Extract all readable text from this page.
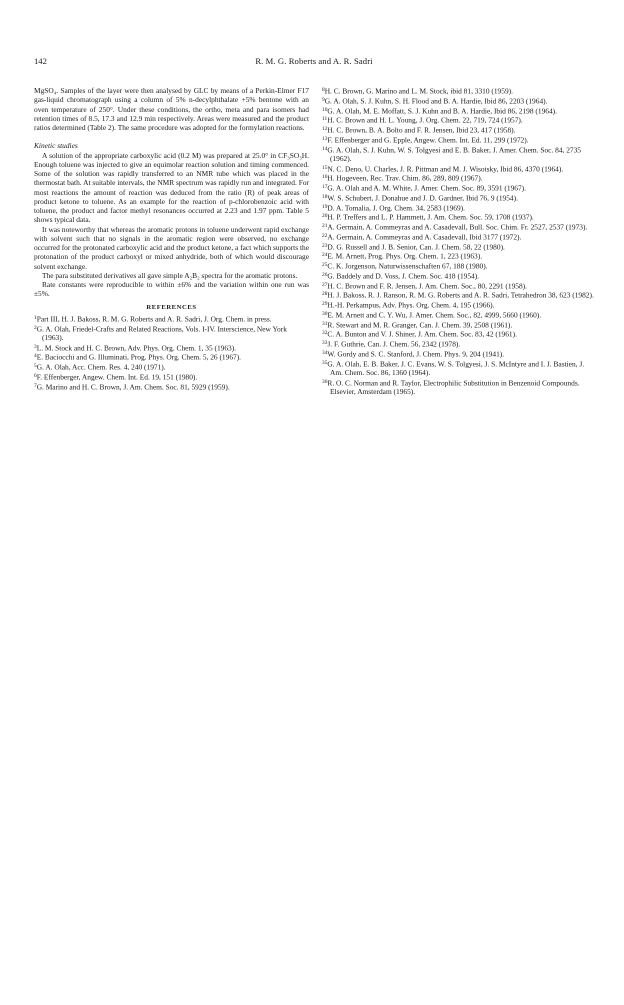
R. M. G. Roberts and A. R. Sadri
142

MgSO₄. Samples of the layer were then analysed by GLC by means of a Perkin-Elmer F17 gas-liquid chromatograph using a column of 5% n-decylphthalate +5% bentone with an oven temperature of 250°. Under these conditions, the ortho, meta and para isomers had retention times of 8.5, 17.3 and 12.9 min respectively. Areas were measured and the product ratios determined (Table 2). The same procedure was adopted for the formylation reactions.

Kinetic studies

A solution of the appropriate carboxylic acid (0.2 M) was prepared at 25.0° in CF₃SO₃H. Enough toluene was injected to give an equimolar reaction solution and timing commenced. Some of the solution was rapidly transferred to an NMR tube which was placed in the thermostat bath. At suitable intervals, the NMR spectrum was rapidly run and integrated. For most reactions the amount of reaction was deduced from the ratio (R) of peak areas of product ketone to toluene. As an example for the reaction of p-chlorobenzoic acid with toluene, the product and factor methyl resonances occurred at 2.23 and 1.97 ppm. Table 5 shows typical data.

It was noteworthy that whereas the aromatic protons in toluene underwent rapid exchange with solvent such that no signals in the aromatic region were observed, no exchange occurred for the protonated carboxylic acid and the product ketone, a fact which supports the protonation of the product carboxyl or mixed anhydride, both of which would discourage solvent exchange.

The para substituted derivatives all gave simple A₂B₂ spectra for the aromatic protons.

Rate constants were reproducible to within ±6% and the variation within one run was ±5%.

REFERENCES

$^1$Part III, H. J. Bakoss, R. M. G. Roberts and A. R. Sadri, J. Org. Chem. in press.

$^2$G. A. Olah, Friedel-Crafts and Related Reactions, Vols. I-IV. Interscience, New York (1963).

$^3$L. M. Stock and H. C. Brown, Adv. Phys. Org. Chem. 1, 35 (1963).

$^4$E. Baciocchi and G. Illuminati, Prog. Phys. Org. Chem. 5, 26 (1967).

$^5$G. A. Olah, Acc. Chem. Res. 4, 240 (1971).

$^6$F. Effenberger, Angew. Chem. Int. Ed. 19, 151 (1980).

$^7$G. Marino and H. C. Brown, J. Am. Chem. Soc. 81, 5929 (1959).

$^8$H. C. Brown, G. Marino and L. M. Stock, ibid 81, 3310 (1959).

$^9$G. A. Olah, S. J. Kuhn, S. H. Flood and B. A. Hardie, Ibid 86, 2203 (1964).

$^{10}$G. A. Olah, M. E. Moffatt, S. J. Kuhn and B. A. Hardie, Ibid 86, 2198 (1964).

$^{11}$H. C. Brown and H. L. Young, J. Org. Chem. 22, 719, 724 (1957).

$^{12}$H. C. Brown, B. A. Bolto and F. R. Jensen, Ibid 23, 417 (1958).

$^{13}$F. Effenberger and G. Epple, Angew. Chem. Int. Ed. 11, 299 (1972).

$^{14}$G. A. Olah, S. J. Kuhn, W. S. Tolgyesi and E. B. Baker, J. Amer. Chem. Soc. 84, 2735 (1962).

$^{15}$N. C. Deno, U. Charles, J. R. Pittman and M. J. Wisotsky, Ibid 86, 4370 (1964).

$^{16}$H. Hogeveen, Rec. Trav. Chim. 86, 289, 809 (1967).

$^{17}$G. A. Olah and A. M. White, J. Amer. Chem. Soc. 89, 3591 (1967).

$^{18}$W. S. Schubert, J. Donahue and J. D. Gardner, Ibid 76, 9 (1954).

$^{19}$D. A. Tomalia, J. Org. Chem. 34, 2583 (1969).

$^{20}$H. P. Treffers and L. P. Hammett, J. Am. Chem. Soc. 59, 1708 (1937).

$^{21}$A. Germain, A. Commeyras and A. Casadevall, Bull. Soc. Chim. Fr. 2527, 2537 (1973).

$^{22}$A. Germain, A. Commeyras and A. Casadevall, Ibid 3177 (1972).

$^{23}$D. G. Russell and J. B. Senior, Can. J. Chem. 58, 22 (1980).

$^{24}$E. M. Arnett, Prog. Phys. Org. Chem. 1, 223 (1963).

$^{25}$C. K. Jorgenson, Naturwissenschaften 67, 188 (1980).

$^{26}$G. Baddely and D. Voss, J. Chem. Soc. 418 (1954).

$^{27}$H. C. Brown and F. R. Jensen, J. Am. Chem. Soc., 80, 2291 (1958).

$^{28}$H. J. Bakoss, R. J. Ranson, R. M. G. Roberts and A. R. Sadri, Tetrahedron 38, 623 (1982).

$^{29}$H.-H. Perkampus, Adv. Phys. Org. Chem. 4, 195 (1966).

$^{30}$E. M. Arnett and C. Y. Wu, J. Amer. Chem. Soc., 82, 4999, 5660 (1960).

$^{31}$R. Stewart and M. R. Granger, Can. J. Chem. 39, 2508 (1961).

$^{32}$C. A. Bunton and V. J. Shiner, J. Am. Chem. Soc. 83, 42 (1961).

$^{33}$J. F. Guthrie, Can. J. Chem. 56, 2342 (1978).

$^{34}$W. Gordy and S. C. Stanford, J. Chem. Phys. 9, 204 (1941).

$^{35}$G. A. Olah, E. B. Baker, J. C. Evans, W. S. Tolgyesi, J. S. McIntyre and I. J. Bastien, J. Am. Chem. Soc. 86, 1360 (1964).

$^{36}$R. O. C. Norman and R. Taylor, Electrophilic Substitution in Benzenoid Compounds. Elsevier, Amsterdam (1965).
